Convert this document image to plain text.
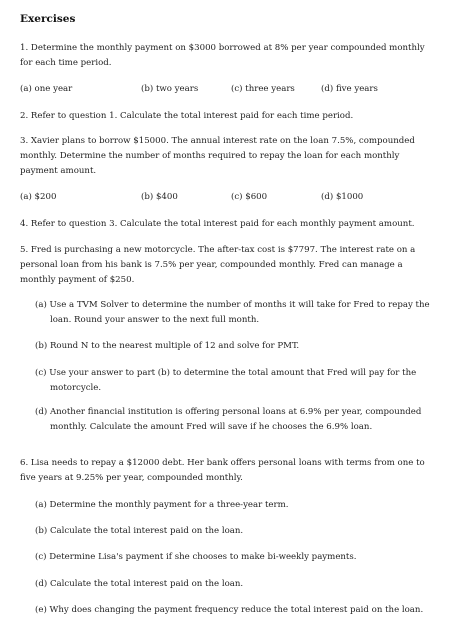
Exercises
1. Determine the monthly payment on $3000 borrowed at 8% per year compounded monthly for each time period.
(a) one year	(b) two years	(c) three years	(d) five years
2. Refer to question 1. Calculate the total interest paid for each time period.
3. Xavier plans to borrow $15000. The annual interest rate on the loan 7.5%, compounded monthly. Determine the number of months required to repay the loan for each monthly payment amount.
(a) $200	(b) $400	(c) $600	(d) $1000
4. Refer to question 3. Calculate the total interest paid for each monthly payment amount.
5. Fred is purchasing a new motorcycle. The after-tax cost is $7797. The interest rate on a personal loan from his bank is 7.5% per year, compounded monthly. Fred can manage a monthly payment of $250.
(a) Use a TVM Solver to determine the number of months it will take for Fred to repay the loan. Round your answer to the next full month.
(b) Round N to the nearest multiple of 12 and solve for PMT.
(c) Use your answer to part (b) to determine the total amount that Fred will pay for the motorcycle.
(d) Another financial institution is offering personal loans at 6.9% per year, compounded monthly. Calculate the amount Fred will save if he chooses the 6.9% loan.
6. Lisa needs to repay a $12000 debt. Her bank offers personal loans with terms from one to five years at 9.25% per year, compounded monthly.
(a) Determine the monthly payment for a three-year term.
(b) Calculate the total interest paid on the loan.
(c) Determine Lisa's payment if she chooses to make bi-weekly payments.
(d) Calculate the total interest paid on the loan.
(e) Why does changing the payment frequency reduce the total interest paid on the loan.
